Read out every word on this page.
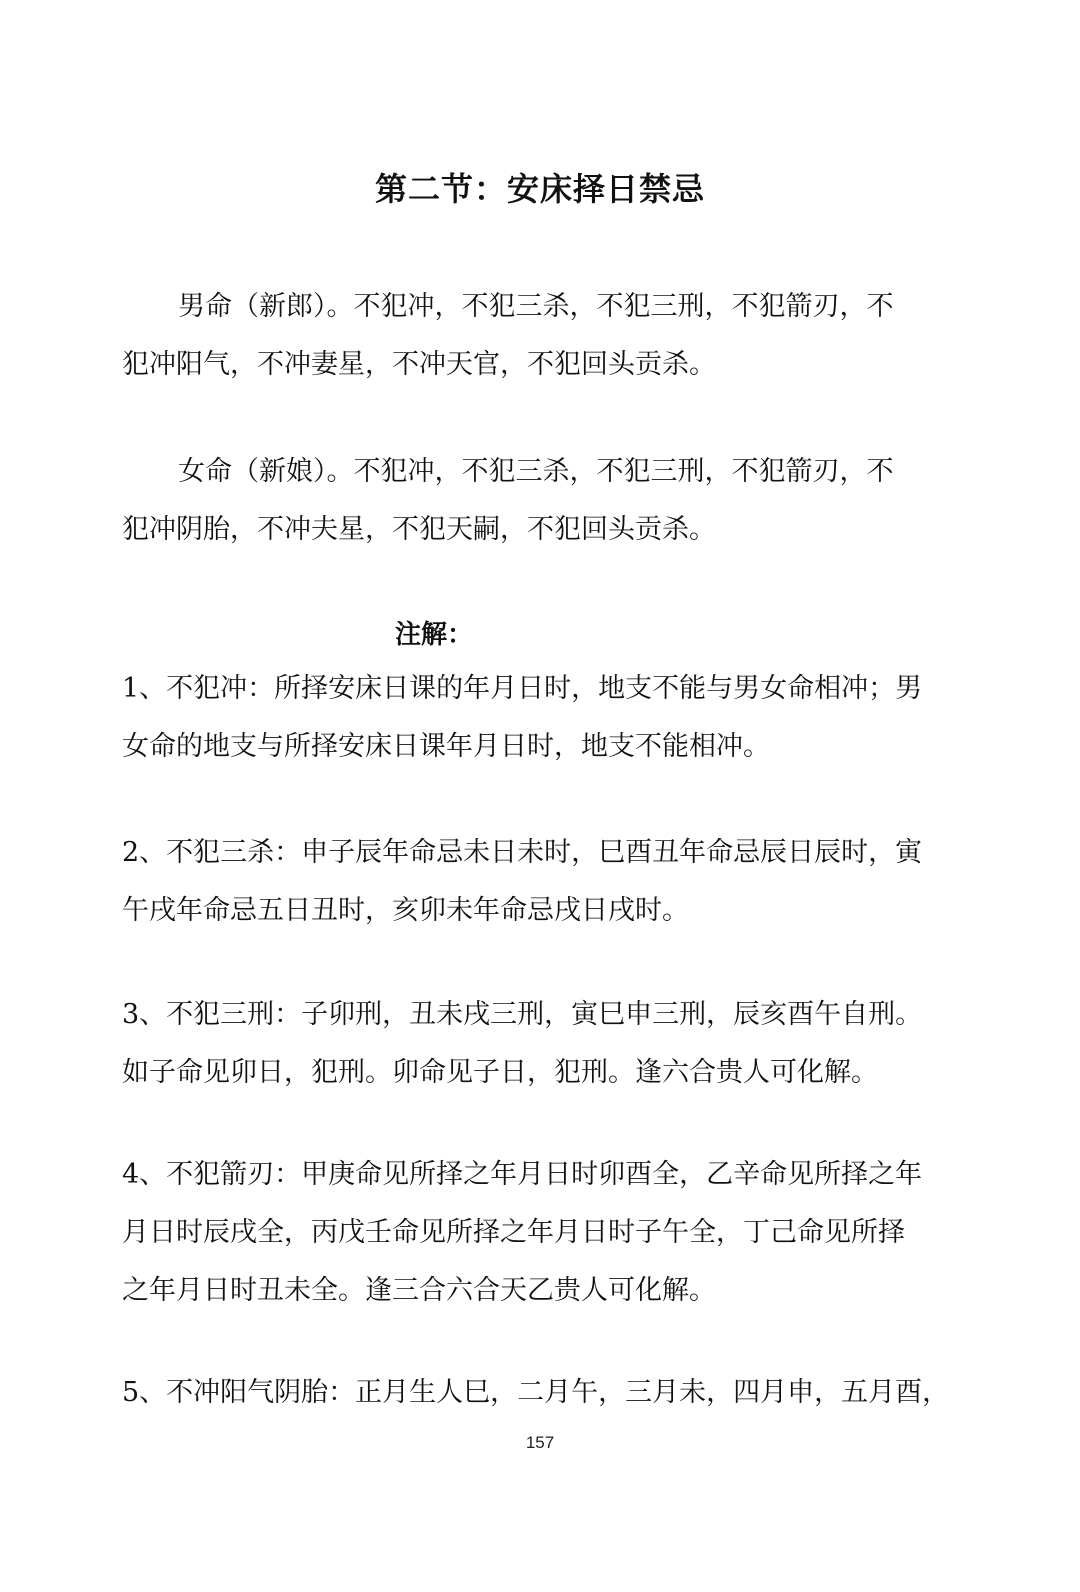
第二节：安床择日禁忌

男命（新郎）。不犯冲，不犯三杀，不犯三刑，不犯箭刃，不
犯冲阳气，不冲妻星，不冲天官，不犯回头贡杀。

女命（新娘）。不犯冲，不犯三杀，不犯三刑，不犯箭刃，不
犯冲阴胎，不冲夫星，不犯天嗣，不犯回头贡杀。

注解：

1、不犯冲：所择安床日课的年月日时，地支不能与男女命相冲；男
女命的地支与所择安床日课年月日时，地支不能相冲。

2、不犯三杀：申子辰年命忌未日未时，巳酉丑年命忌辰日辰时，寅
午戌年命忌五日丑时，亥卯未年命忌戌日戌时。

3、不犯三刑：子卯刑，丑未戌三刑，寅巳申三刑，辰亥酉午自刑。
如子命见卯日，犯刑。卯命见子日，犯刑。逢六合贵人可化解。

4、不犯箭刃：甲庚命见所择之年月日时卯酉全，乙辛命见所择之年
月日时辰戌全，丙戊壬命见所择之年月日时子午全，丁己命见所择
之年月日时丑未全。逢三合六合天乙贵人可化解。

5、不冲阳气阴胎：正月生人巳，二月午，三月未，四月申，五月酉，

157
